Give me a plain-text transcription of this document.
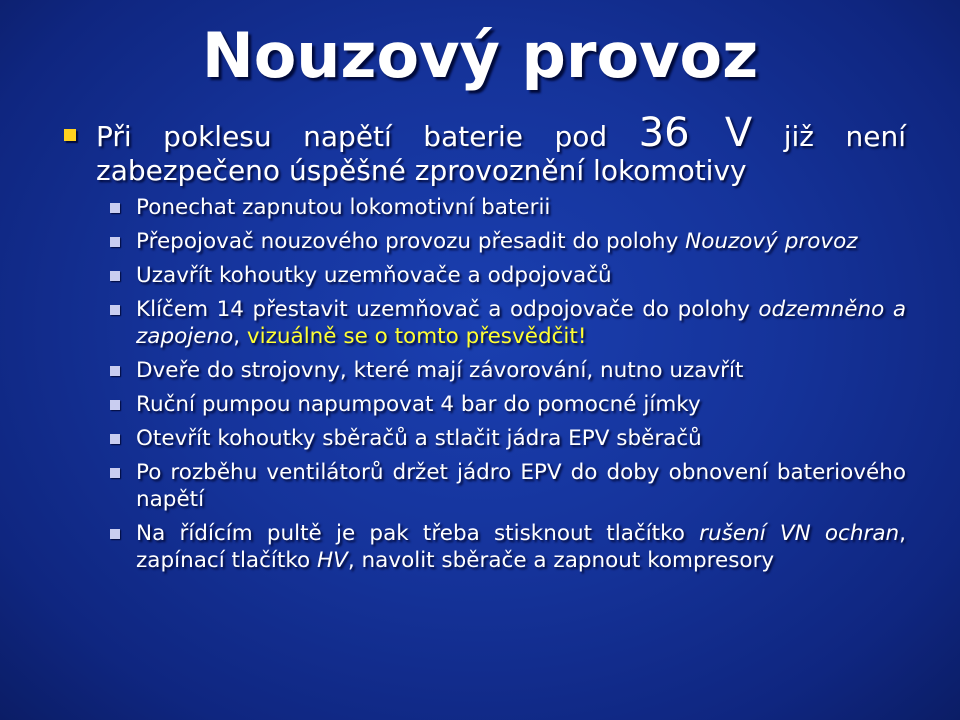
Nouzový provoz
Při poklesu napětí baterie pod 36 V již není zabezpečeno úspěšné zprovoznění lokomotivy
Ponechat zapnutou lokomotivní baterii
Přepojovač nouzového provozu přesadit do polohy Nouzový provoz
Uzavřít kohoutky uzemňovače a odpojovačů
Klíčem 14 přestavit uzemňovač a odpojovače do polohy odzemněno a zapojeno, vizuálně se o tomto přesvědčit!
Dveře do strojovny, které mají závorování, nutno uzavřít
Ruční pumpou napumpovat 4 bar do pomocné jímky
Otevřít kohoutky sběračů a stlačit jádra EPV sběračů
Po rozběhu ventilátorů držet jádro EPV do doby obnovení bateriového napětí
Na řídícím pultě je pak třeba stisknout tlačítko rušení VN ochran, zapínací tlačítko HV, navolit sběrače a zapnout kompresory
